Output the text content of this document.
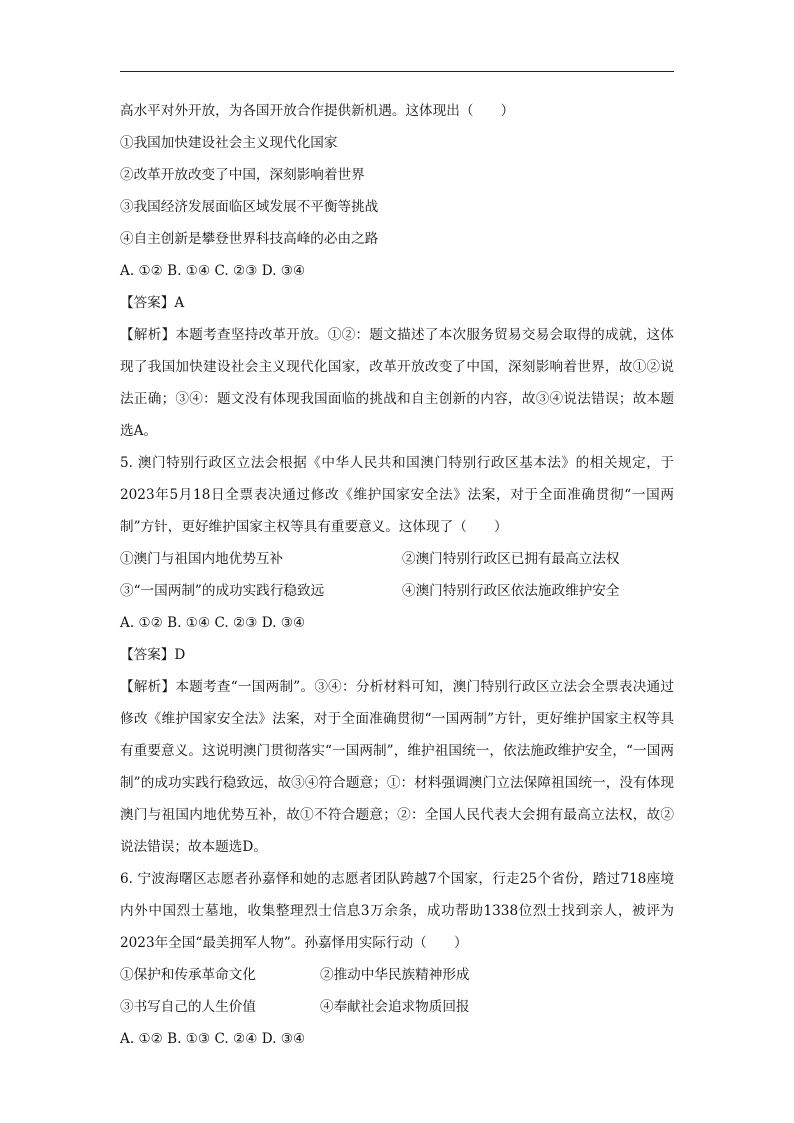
高水平对外开放，为各国开放合作提供新机遇。这体现出（　　）
①我国加快建设社会主义现代化国家
②改革开放改变了中国，深刻影响着世界
③我国经济发展面临区域发展不平衡等挑战
④自主创新是攀登世界科技高峰的必由之路
A. ①② B. ①④ C. ②③ D. ③④
【答案】A
【解析】本题考查坚持改革开放。①②：题文描述了本次服务贸易交易会取得的成就，这体现了我国加快建设社会主义现代化国家，改革开放改变了中国，深刻影响着世界，故①②说法正确；③④：题文没有体现我国面临的挑战和自主创新的内容，故③④说法错误；故本题选A。
5. 澳门特别行政区立法会根据《中华人民共和国澳门特别行政区基本法》的相关规定，于2023年5月18日全票表决通过修改《维护国家安全法》法案，对于全面准确贯彻“一国两制”方针，更好维护国家主权等具有重要意义。这体现了（　　）
①澳门与祖国内地优势互补	②澳门特别行政区已拥有最高立法权
③“一国两制”的成功实践行稳致远	④澳门特别行政区依法施政维护安全
A. ①② B. ①④ C. ②③ D. ③④
【答案】D
【解析】本题考查“一国两制”。③④：分析材料可知，澳门特别行政区立法会全票表决通过修改《维护国家安全法》法案，对于全面准确贯彻“一国两制”方针，更好维护国家主权等具有重要意义。这说明澳门贯彻落实“一国两制”，维护祖国统一，依法施政维护安全，“一国两制”的成功实践行稳致远，故③④符合题意；①：材料强调澳门立法保障祖国统一，没有体现澳门与祖国内地优势互补，故①不符合题意；②：全国人民代表大会拥有最高立法权，故②说法错误；故本题选D。
6. 宁波海曙区志愿者孙嘉怿和她的志愿者团队跨越7个国家，行走25个省份，踏过718座境内外中国烈士墓地，收集整理烈士信息3万余条，成功帮助1338位烈士找到亲人，被评为2023年全国“最美拥军人物”。孙嘉怿用实际行动（　　）
①保护和传承革命文化	②推动中华民族精神形成
③书写自己的人生价值	④奉献社会追求物质回报
A. ①② B. ①③ C. ②④ D. ③④
